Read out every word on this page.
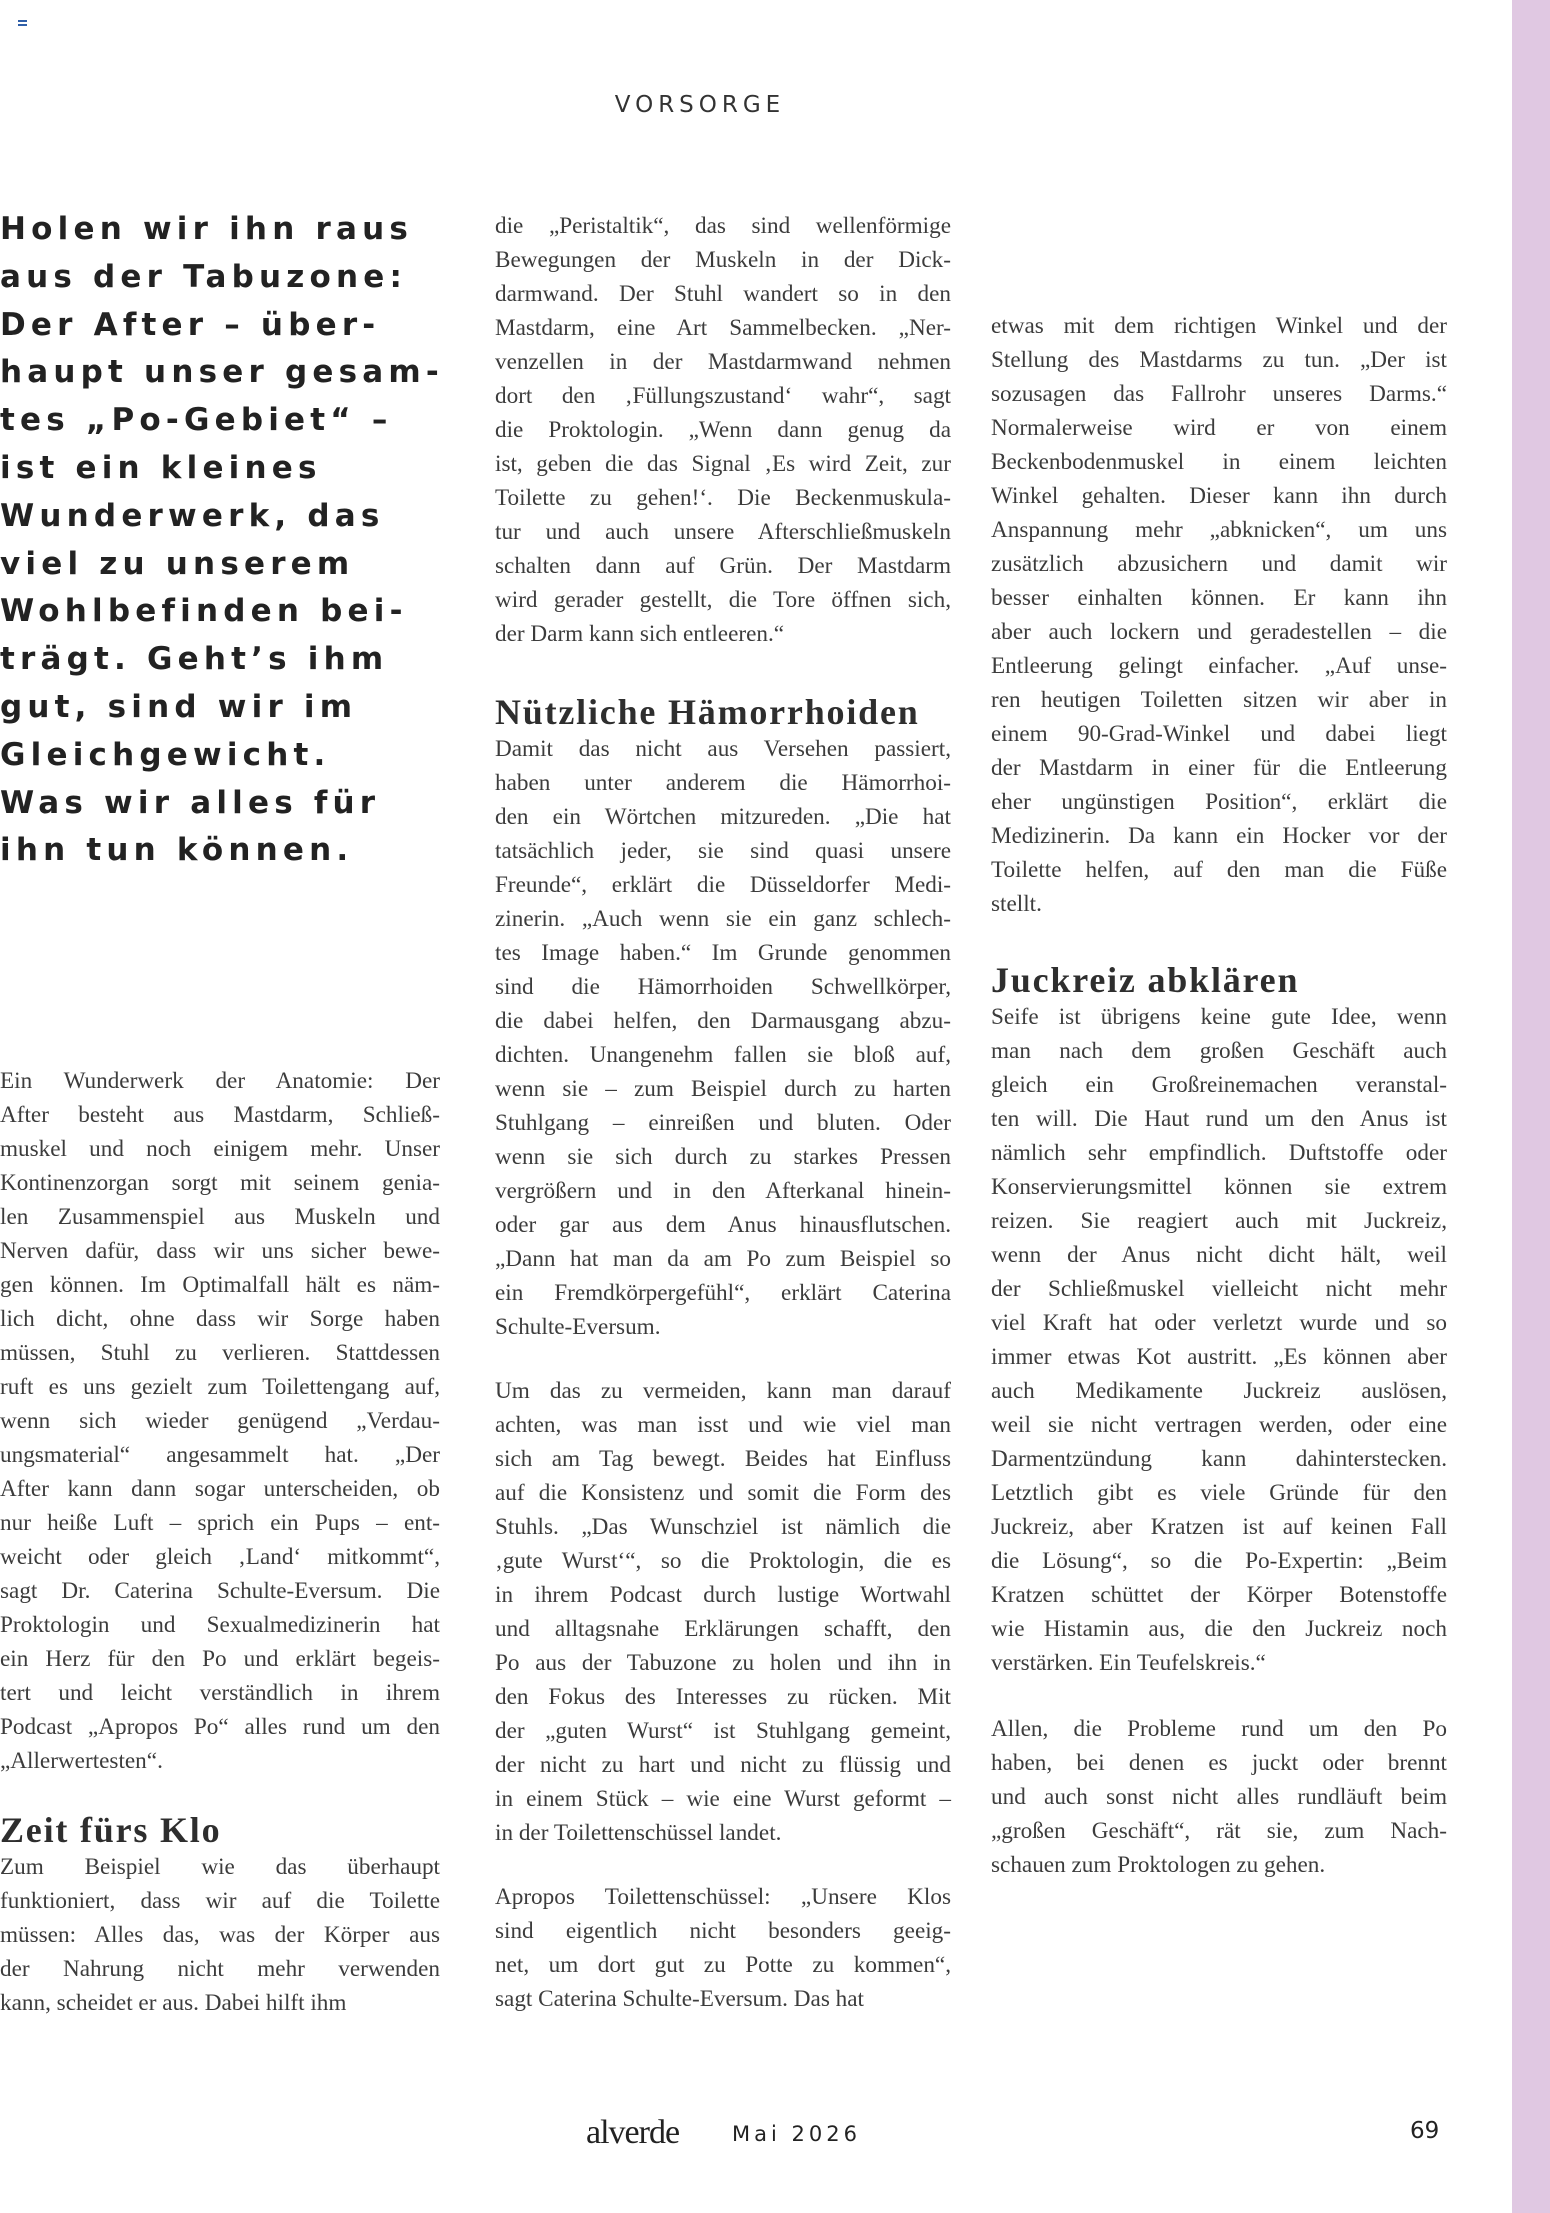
VORSORGE
Holen wir ihn raus
aus der Tabuzone:
Der After – über-
haupt unser gesam-
tes „Po-Gebiet“ –
ist ein kleines
Wunderwerk, das
viel zu unserem
Wohlbefinden bei-
trägt. Geht’s ihm
gut, sind wir im
Gleichgewicht.
Was wir alles für
ihn tun können.
Ein Wunderwerk der Anatomie: Der
After besteht aus Mastdarm, Schließ-
muskel und noch einigem mehr. Unser
Kontinenzorgan sorgt mit seinem genia-
len Zusammenspiel aus Muskeln und
Nerven dafür, dass wir uns sicher bewe-
gen können. Im Optimalfall hält es näm-
lich dicht, ohne dass wir Sorge haben
müssen, Stuhl zu verlieren. Stattdessen
ruft es uns gezielt zum Toilettengang auf,
wenn sich wieder genügend „Verdau-
ungsmaterial“ angesammelt hat. „Der
After kann dann sogar unterscheiden, ob
nur heiße Luft – sprich ein Pups – ent-
weicht oder gleich ‚Land‘ mitkommt“,
sagt Dr. Caterina Schulte-Eversum. Die
Proktologin und Sexualmedizinerin hat
ein Herz für den Po und erklärt begeis-
tert und leicht verständlich in ihrem
Podcast „Apropos Po“ alles rund um den
„Allerwertesten“.
Zeit fürs Klo
Zum Beispiel wie das überhaupt
funktioniert, dass wir auf die Toilette
müssen: Alles das, was der Körper aus
der Nahrung nicht mehr verwenden
kann, scheidet er aus. Dabei hilft ihm
die „Peristaltik“, das sind wellenförmige
Bewegungen der Muskeln in der Dick-
darmwand. Der Stuhl wandert so in den
Mastdarm, eine Art Sammelbecken. „Ner-
venzellen in der Mastdarmwand nehmen
dort den ‚Füllungszustand‘ wahr“, sagt
die Proktologin. „Wenn dann genug da
ist, geben die das Signal ‚Es wird Zeit, zur
Toilette zu gehen!‘. Die Beckenmuskula-
tur und auch unsere Afterschließmuskeln
schalten dann auf Grün. Der Mastdarm
wird gerader gestellt, die Tore öffnen sich,
der Darm kann sich entleeren.“
Nützliche Hämorrhoiden
Damit das nicht aus Versehen passiert,
haben unter anderem die Hämorrhoi-
den ein Wörtchen mitzureden. „Die hat
tatsächlich jeder, sie sind quasi unsere
Freunde“, erklärt die Düsseldorfer Medi-
zinerin. „Auch wenn sie ein ganz schlech-
tes Image haben.“ Im Grunde genommen
sind die Hämorrhoiden Schwellkörper,
die dabei helfen, den Darmausgang abzu-
dichten. Unangenehm fallen sie bloß auf,
wenn sie – zum Beispiel durch zu harten
Stuhlgang – einreißen und bluten. Oder
wenn sie sich durch zu starkes Pressen
vergrößern und in den Afterkanal hinein-
oder gar aus dem Anus hinausflutschen.
„Dann hat man da am Po zum Beispiel so
ein Fremdkörpergefühl“, erklärt Caterina
Schulte-Eversum.
Um das zu vermeiden, kann man darauf
achten, was man isst und wie viel man
sich am Tag bewegt. Beides hat Einfluss
auf die Konsistenz und somit die Form des
Stuhls. „Das Wunschziel ist nämlich die
‚gute Wurst‘“, so die Proktologin, die es
in ihrem Podcast durch lustige Wortwahl
und alltagsnahe Erklärungen schafft, den
Po aus der Tabuzone zu holen und ihn in
den Fokus des Interesses zu rücken. Mit
der „guten Wurst“ ist Stuhlgang gemeint,
der nicht zu hart und nicht zu flüssig und
in einem Stück – wie eine Wurst geformt –
in der Toilettenschüssel landet.
Apropos Toilettenschüssel: „Unsere Klos
sind eigentlich nicht besonders geeig-
net, um dort gut zu Potte zu kommen“,
sagt Caterina Schulte-Eversum. Das hat
etwas mit dem richtigen Winkel und der
Stellung des Mastdarms zu tun. „Der ist
sozusagen das Fallrohr unseres Darms.“
Normalerweise wird er von einem
Beckenbodenmuskel in einem leichten
Winkel gehalten. Dieser kann ihn durch
Anspannung mehr „abknicken“, um uns
zusätzlich abzusichern und damit wir
besser einhalten können. Er kann ihn
aber auch lockern und geradestellen – die
Entleerung gelingt einfacher. „Auf unse-
ren heutigen Toiletten sitzen wir aber in
einem 90-Grad-Winkel und dabei liegt
der Mastdarm in einer für die Entleerung
eher ungünstigen Position“, erklärt die
Medizinerin. Da kann ein Hocker vor der
Toilette helfen, auf den man die Füße
stellt.
Juckreiz abklären
Seife ist übrigens keine gute Idee, wenn
man nach dem großen Geschäft auch
gleich ein Großreinemachen veranstal-
ten will. Die Haut rund um den Anus ist
nämlich sehr empfindlich. Duftstoffe oder
Konservierungsmittel können sie extrem
reizen. Sie reagiert auch mit Juckreiz,
wenn der Anus nicht dicht hält, weil
der Schließmuskel vielleicht nicht mehr
viel Kraft hat oder verletzt wurde und so
immer etwas Kot austritt. „Es können aber
auch Medikamente Juckreiz auslösen,
weil sie nicht vertragen werden, oder eine
Darmentzündung kann dahinterstecken.
Letztlich gibt es viele Gründe für den
Juckreiz, aber Kratzen ist auf keinen Fall
die Lösung“, so die Po-Expertin: „Beim
Kratzen schüttet der Körper Botenstoffe
wie Histamin aus, die den Juckreiz noch
verstärken. Ein Teufelskreis.“
Allen, die Probleme rund um den Po
haben, bei denen es juckt oder brennt
und auch sonst nicht alles rundläuft beim
„großen Geschäft“, rät sie, zum Nach-
schauen zum Proktologen zu gehen.
alverde	Mai 2026	69
